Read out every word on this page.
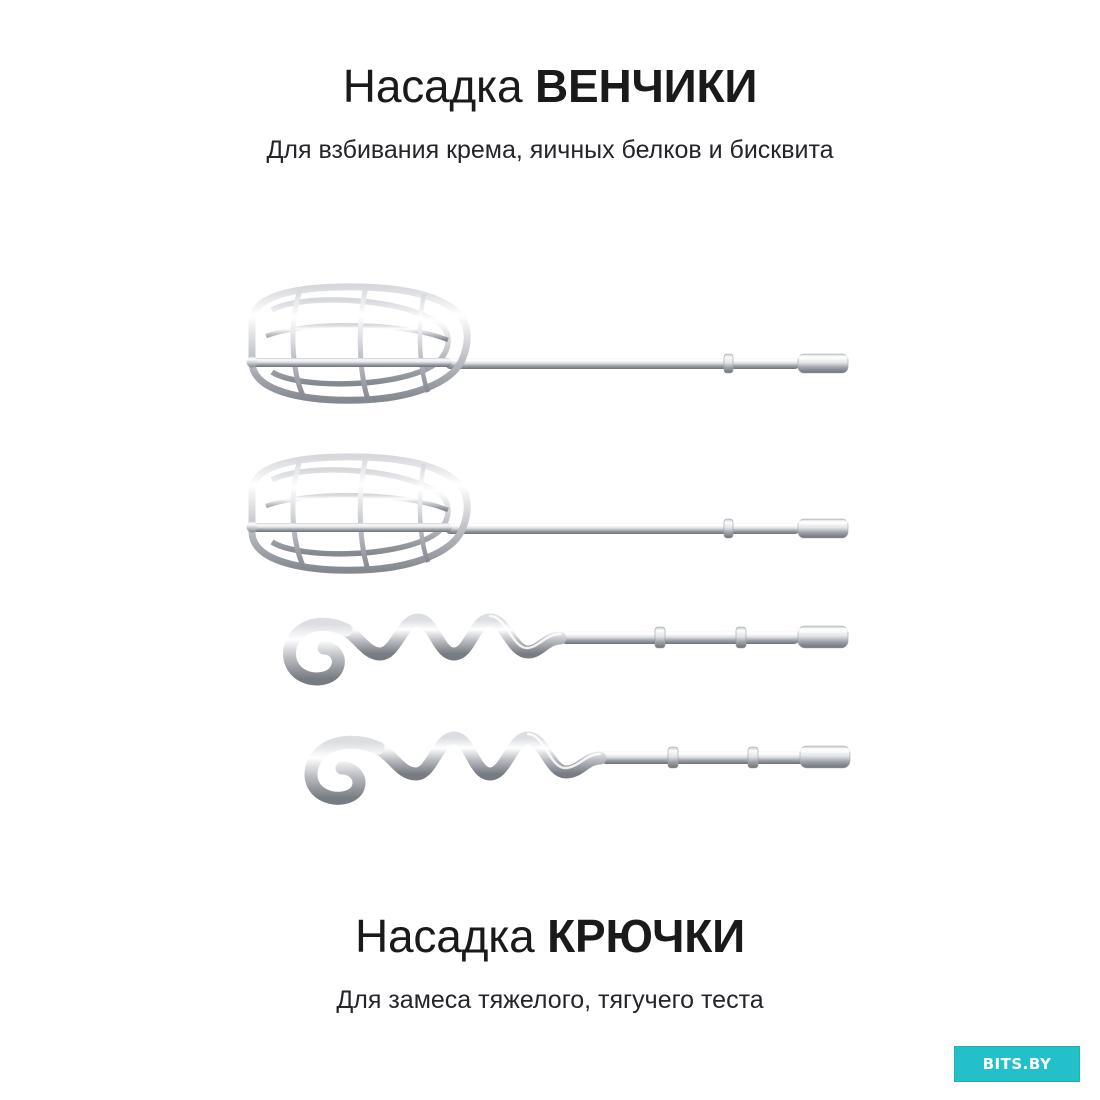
Насадка ВЕНЧИКИ
Для взбивания крема, яичных белков и бисквита
Насадка КРЮЧКИ
Для замеса тяжелого, тягучего теста
BITS.BY
